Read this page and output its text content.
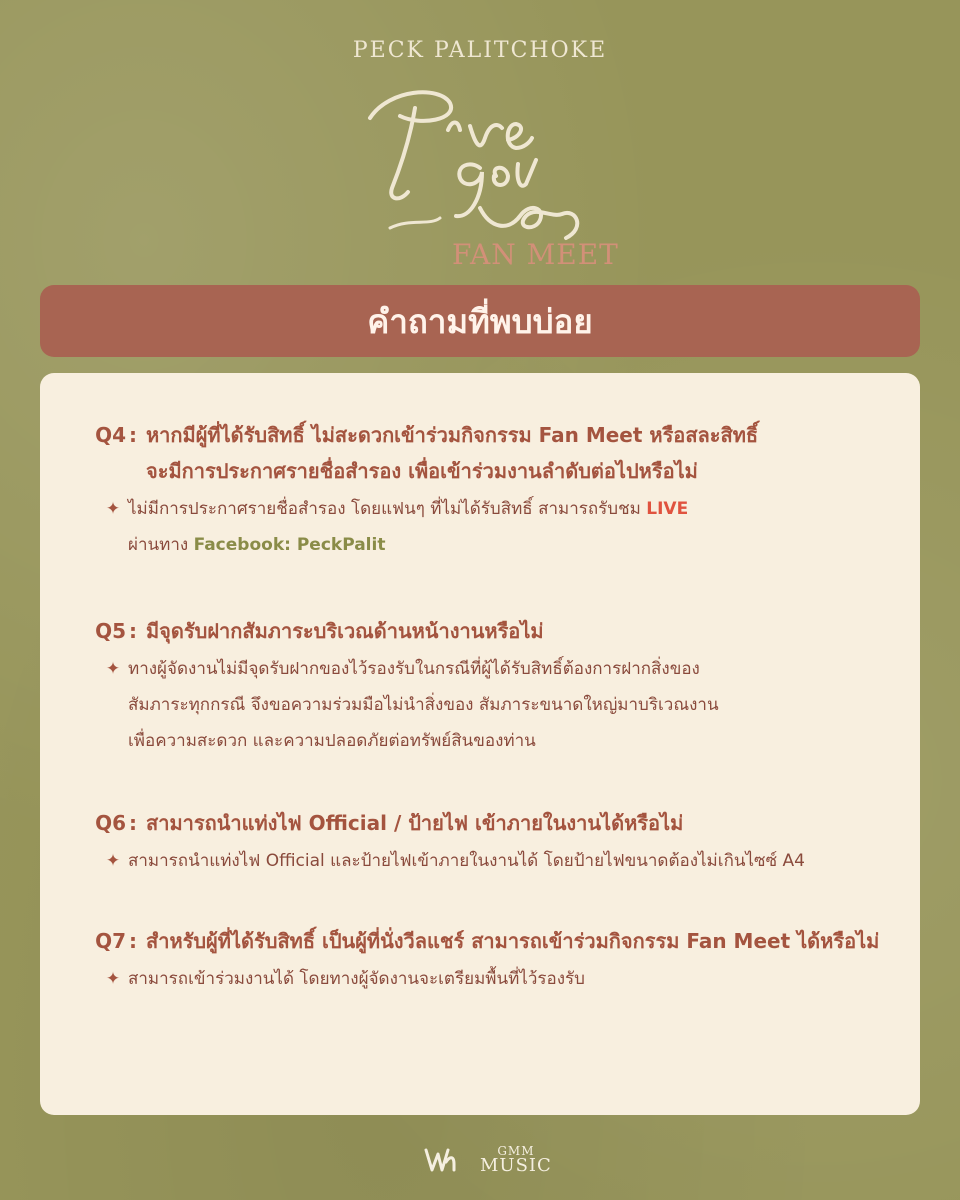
PECK PALITCHOKE
FAN MEET
คำถามที่พบบ่อย
Q4 : หากมีผู้ที่ได้รับสิทธิ์ ไม่สะดวกเข้าร่วมกิจกรรม Fan Meet หรือสละสิทธิ์
จะมีการประกาศรายชื่อสำรอง เพื่อเข้าร่วมงานลำดับต่อไปหรือไม่
✦ ไม่มีการประกาศรายชื่อสำรอง โดยแฟนๆ ที่ไม่ได้รับสิทธิ์ สามารถรับชม LIVE
ผ่านทาง Facebook: PeckPalit
Q5 : มีจุดรับฝากสัมภาระบริเวณด้านหน้างานหรือไม่
✦ ทางผู้จัดงานไม่มีจุดรับฝากของไว้รองรับในกรณีที่ผู้ได้รับสิทธิ์ต้องการฝากสิ่งของ
สัมภาระทุกกรณี จึงขอความร่วมมือไม่นำสิ่งของ สัมภาระขนาดใหญ่มาบริเวณงาน
เพื่อความสะดวก และความปลอดภัยต่อทรัพย์สินของท่าน
Q6 : สามารถนำแท่งไฟ Official / ป้ายไฟ เข้าภายในงานได้หรือไม่
✦ สามารถนำแท่งไฟ Official และป้ายไฟเข้าภายในงานได้ โดยป้ายไฟขนาดต้องไม่เกินไซซ์ A4
Q7 : สำหรับผู้ที่ได้รับสิทธิ์ เป็นผู้ที่นั่งวีลแชร์ สามารถเข้าร่วมกิจกรรม Fan Meet ได้หรือไม่
✦ สามารถเข้าร่วมงานได้ โดยทางผู้จัดงานจะเตรียมพื้นที่ไว้รองรับ
GMM
MUSIC
